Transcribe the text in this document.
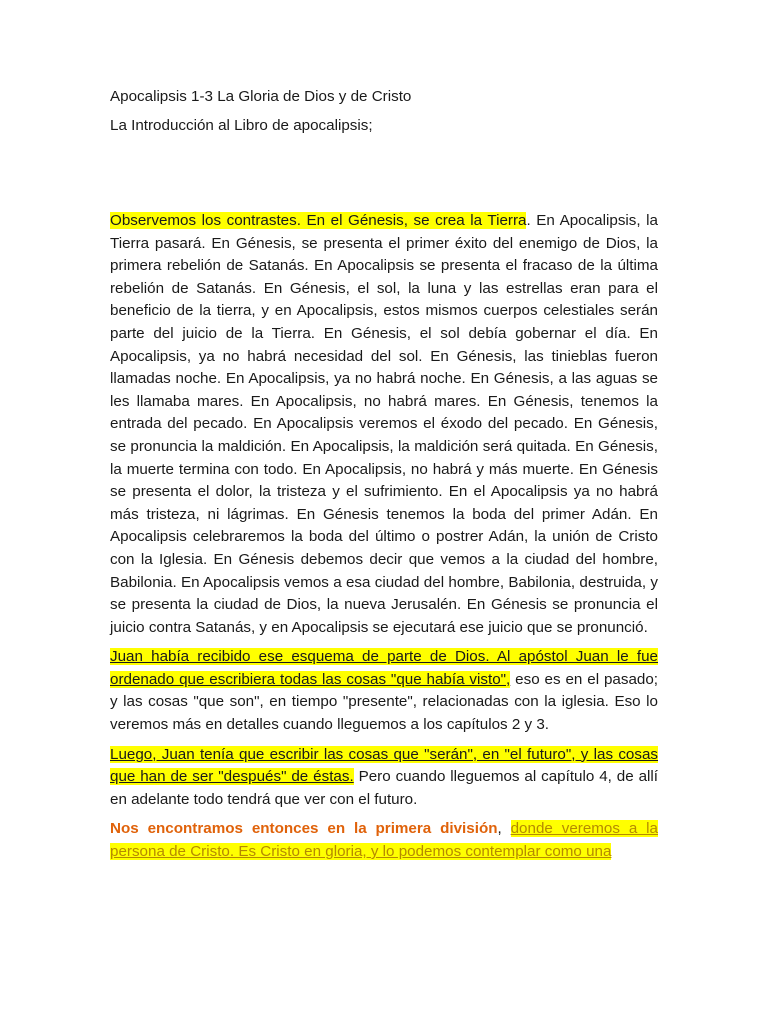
Apocalipsis 1-3 La Gloria de Dios y de Cristo

La Introducción al Libro de apocalipsis;

Observemos los contrastes. En el Génesis, se crea la Tierra. En Apocalipsis, la Tierra pasará. En Génesis, se presenta el primer éxito del enemigo de Dios, la primera rebelión de Satanás. En Apocalipsis se presenta el fracaso de la última rebelión de Satanás. En Génesis, el sol, la luna y las estrellas eran para el beneficio de la tierra, y en Apocalipsis, estos mismos cuerpos celestiales serán parte del juicio de la Tierra. En Génesis, el sol debía gobernar el día. En Apocalipsis, ya no habrá necesidad del sol. En Génesis, las tinieblas fueron llamadas noche. En Apocalipsis, ya no habrá noche. En Génesis, a las aguas se les llamaba mares. En Apocalipsis, no habrá mares. En Génesis, tenemos la entrada del pecado. En Apocalipsis veremos el éxodo del pecado. En Génesis, se pronuncia la maldición. En Apocalipsis, la maldición será quitada. En Génesis, la muerte termina con todo. En Apocalipsis, no habrá y más muerte. En Génesis se presenta el dolor, la tristeza y el sufrimiento. En el Apocalipsis ya no habrá más tristeza, ni lágrimas. En Génesis tenemos la boda del primer Adán. En Apocalipsis celebraremos la boda del último o postrer Adán, la unión de Cristo con la Iglesia. En Génesis debemos decir que vemos a la ciudad del hombre, Babilonia. En Apocalipsis vemos a esa ciudad del hombre, Babilonia, destruida, y se presenta la ciudad de Dios, la nueva Jerusalén. En Génesis se pronuncia el juicio contra Satanás, y en Apocalipsis se ejecutará ese juicio que se pronunció.

Juan había recibido ese esquema de parte de Dios. Al apóstol Juan le fue ordenado que escribiera todas las cosas "que había visto", eso es en el pasado; y las cosas "que son", en tiempo "presente", relacionadas con la iglesia. Eso lo veremos más en detalles cuando lleguemos a los capítulos 2 y 3.

Luego, Juan tenía que escribir las cosas que "serán", en "el futuro", y las cosas que han de ser "después" de éstas. Pero cuando lleguemos al capítulo 4, de allí en adelante todo tendrá que ver con el futuro.

Nos encontramos entonces en la primera división, donde veremos a la persona de Cristo. Es Cristo en gloria, y lo podemos contemplar como una
